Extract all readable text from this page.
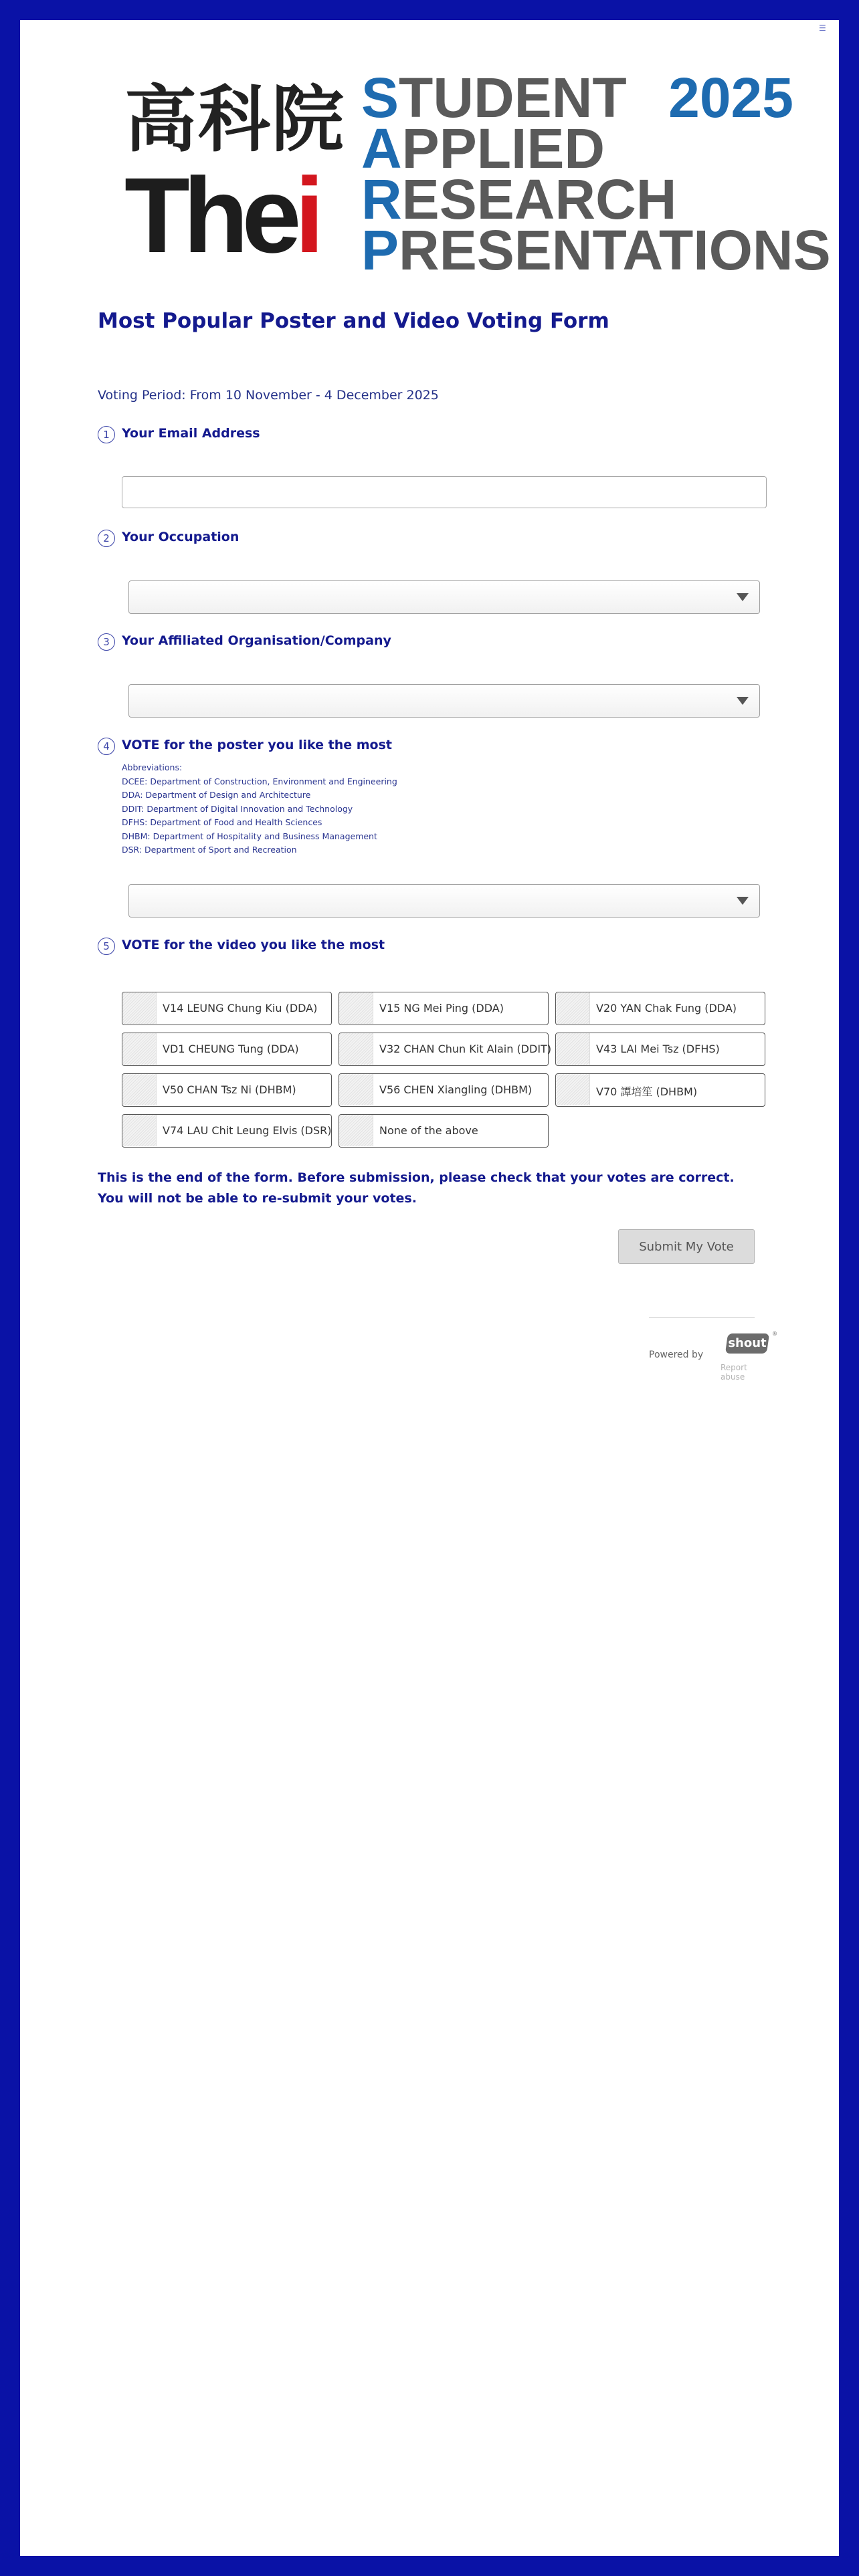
☰
高科院
Thei
STUDENT
APPLIED
RESEARCH
PRESENTATIONS
2025
Most Popular Poster and Video Voting Form
Voting Period: From 10 November - 4 December 2025
1 Your Email Address
2 Your Occupation
3 Your Affiliated Organisation/Company
4 VOTE for the poster you like the most
Abbreviations:
DCEE: Department of Construction, Environment and Engineering
DDA: Department of Design and Architecture
DDIT: Department of Digital Innovation and Technology
DFHS: Department of Food and Health Sciences
DHBM: Department of Hospitality and Business Management
DSR: Department of Sport and Recreation
5 VOTE for the video you like the most
V14 LEUNG Chung Kiu (DDA)	V15 NG Mei Ping (DDA)	V20 YAN Chak Fung (DDA)
VD1 CHEUNG Tung (DDA)	V32 CHAN Chun Kit Alain (DDIT)	V43 LAI Mei Tsz (DFHS)
V50 CHAN Tsz Ni (DHBM)	V56 CHEN Xiangling (DHBM)	V70 譚培笙 (DHBM)
V74 LAU Chit Leung Elvis (DSR)	None of the above
This is the end of the form. Before submission, please check that your votes are correct.
You will not be able to re-submit your votes.
Submit My Vote
Powered by
shout
®
Report abuse
